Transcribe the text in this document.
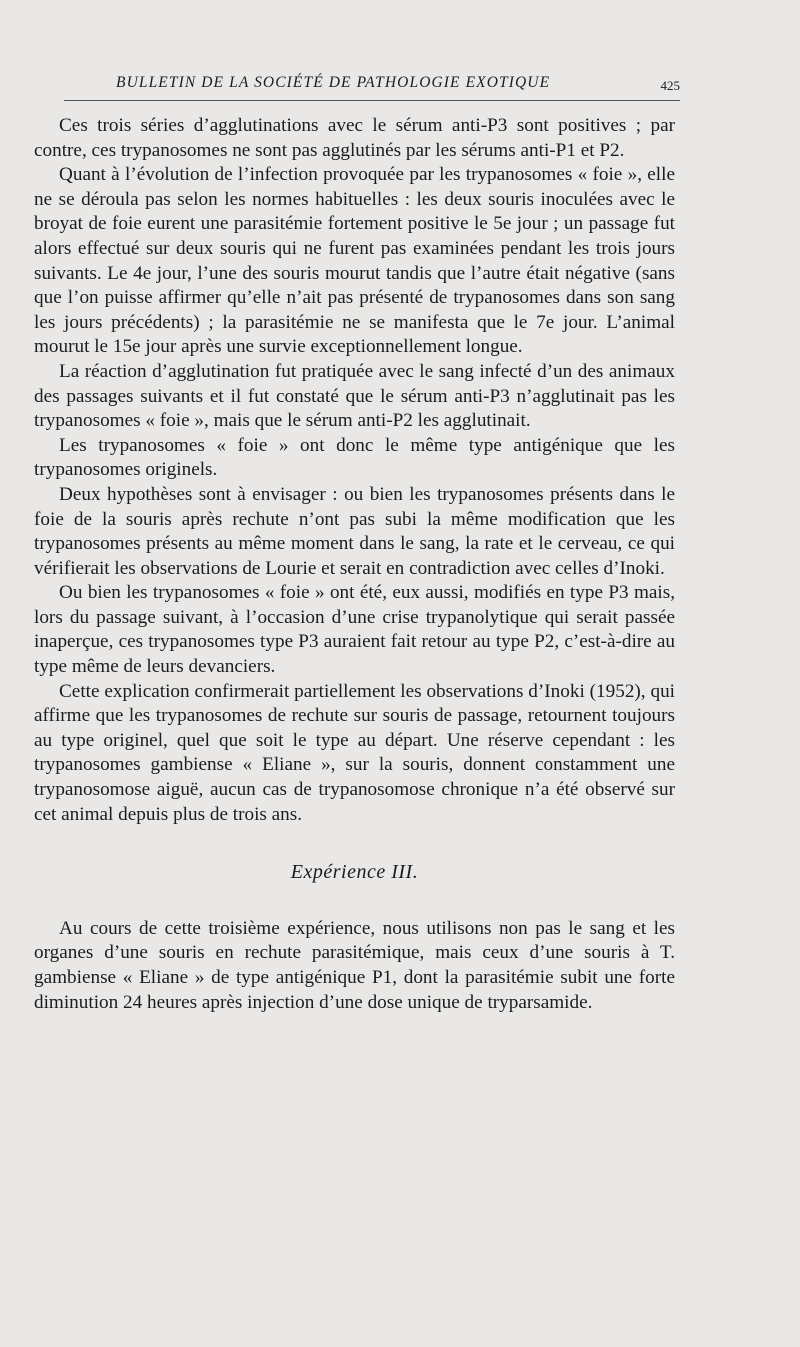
BULLETIN DE LA SOCIÉTÉ DE PATHOLOGIE EXOTIQUE	425

Ces trois séries d’agglutinations avec le sérum anti-P3 sont positives ; par contre, ces trypanosomes ne sont pas agglutinés par les sérums anti-P1 et P2.

Quant à l’évolution de l’infection provoquée par les trypanosomes « foie », elle ne se déroula pas selon les normes habituelles : les deux souris inoculées avec le broyat de foie eurent une parasitémie fortement positive le 5e jour ; un passage fut alors effectué sur deux souris qui ne furent pas examinées pendant les trois jours suivants. Le 4e jour, l’une des souris mourut tandis que l’autre était négative (sans que l’on puisse affirmer qu’elle n’ait pas présenté de trypanosomes dans son sang les jours précédents) ; la parasitémie ne se manifesta que le 7e jour. L’animal mourut le 15e jour après une survie exceptionnellement longue.

La réaction d’agglutination fut pratiquée avec le sang infecté d’un des animaux des passages suivants et il fut constaté que le sérum anti-P3 n’agglutinait pas les trypanosomes « foie », mais que le sérum anti-P2 les agglutinait.

Les trypanosomes « foie » ont donc le même type antigénique que les trypanosomes originels.

Deux hypothèses sont à envisager : ou bien les trypanosomes présents dans le foie de la souris après rechute n’ont pas subi la même modification que les trypanosomes présents au même moment dans le sang, la rate et le cerveau, ce qui vérifierait les observations de Lourie et serait en contradiction avec celles d’Inoki.

Ou bien les trypanosomes « foie » ont été, eux aussi, modifiés en type P3 mais, lors du passage suivant, à l’occasion d’une crise trypanolytique qui serait passée inaperçue, ces trypanosomes type P3 auraient fait retour au type P2, c’est-à-dire au type même de leurs devanciers.

Cette explication confirmerait partiellement les observations d’Inoki (1952), qui affirme que les trypanosomes de rechute sur souris de passage, retournent toujours au type originel, quel que soit le type au départ. Une réserve cependant : les trypanosomes gambiense « Eliane », sur la souris, donnent constamment une trypanosomose aiguë, aucun cas de trypanosomose chronique n’a été observé sur cet animal depuis plus de trois ans.

Expérience III.

Au cours de cette troisième expérience, nous utilisons non pas le sang et les organes d’une souris en rechute parasitémique, mais ceux d’une souris à T. gambiense « Eliane » de type antigénique P1, dont la parasitémie subit une forte diminution 24 heures après injection d’une dose unique de tryparsamide.
